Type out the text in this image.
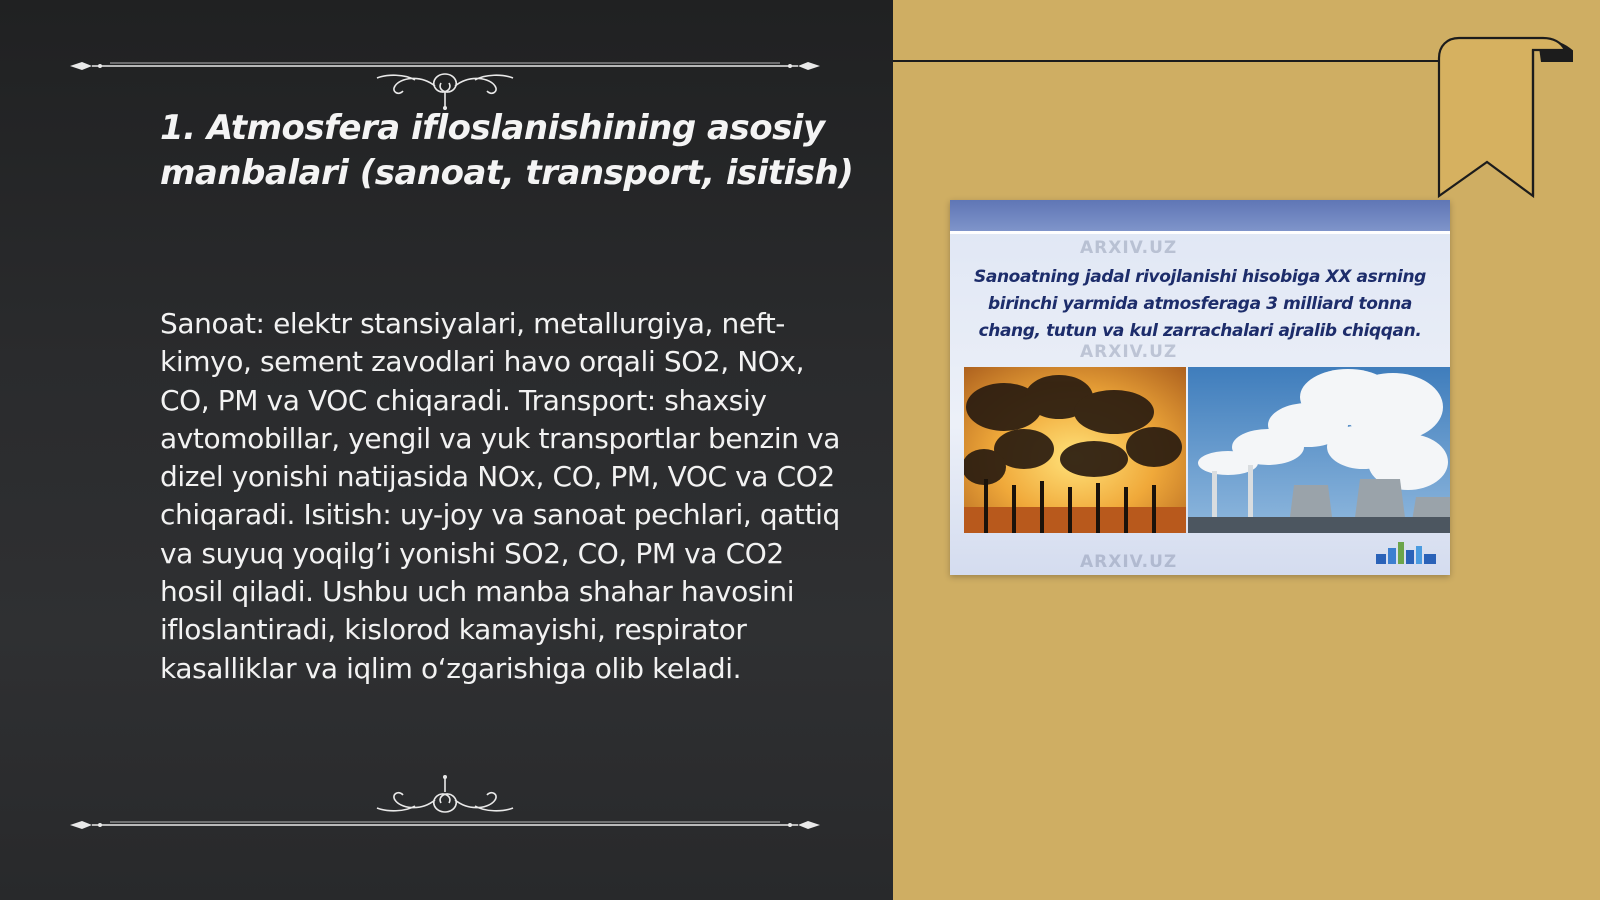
1. Atmosfera ifloslanishining asosiy manbalari (sanoat, transport, isitish)

Sanoat: elektr stansiyalari, metallurgiya, neft-kimyo, sement zavodlari havo orqali SO2, NOx, CO, PM va VOC chiqaradi. Transport: shaxsiy avtomobillar, yengil va yuk transportlar benzin va dizel yonishi natijasida NOx, CO, PM, VOC va CO2 chiqaradi. Isitish: uy-joy va sanoat pechlari, qattiq va suyuq yoqilg’i yonishi SO2, CO, PM va CO2 hosil qiladi. Ushbu uch manba shahar havosini ifloslantiradi, kislorod kamayishi, respirator kasalliklar va iqlim o‘zgarishiga olib keladi.

ARXIV.UZ
ARXIV.UZ
ARXIV.UZ

Sanoatning jadal rivojlanishi hisobiga XX asrning birinchi yarmida atmosferaga 3 milliard tonna chang, tutun va kul zarrachalari ajralib chiqqan.
